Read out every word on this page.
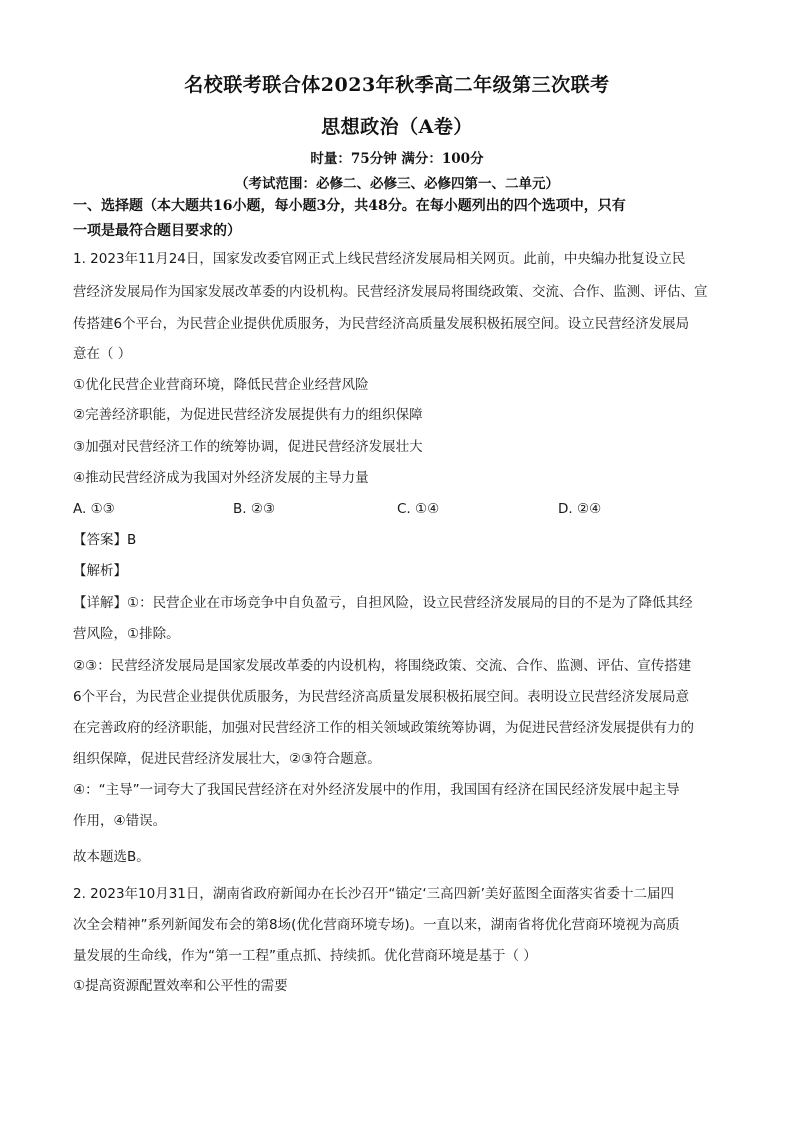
名校联考联合体2023年秋季高二年级第三次联考
思想政治（A卷）
时量：75分钟 满分：100分
（考试范围：必修二、必修三、必修四第一、二单元）
一、选择题（本大题共16小题，每小题3分，共48分。在每小题列出的四个选项中，只有
一项是最符合题目要求的）
1. 2023年11月24日，国家发改委官网正式上线民营经济发展局相关网页。此前，中央编办批复设立民
营经济发展局作为国家发展改革委的内设机构。民营经济发展局将围绕政策、交流、合作、监测、评估、宣
传搭建6个平台，为民营企业提供优质服务，为民营经济高质量发展积极拓展空间。设立民营经济发展局
意在（ ）
①优化民营企业营商环境，降低民营企业经营风险
②完善经济职能，为促进民营经济发展提供有力的组织保障
③加强对民营经济工作的统筹协调，促进民营经济发展壮大
④推动民营经济成为我国对外经济发展的主导力量
A. ①③	B. ②③	C. ①④	D. ②④
【答案】B
【解析】
【详解】①：民营企业在市场竞争中自负盈亏，自担风险，设立民营经济发展局的目的不是为了降低其经
营风险，①排除。
②③：民营经济发展局是国家发展改革委的内设机构，将围绕政策、交流、合作、监测、评估、宣传搭建
6个平台，为民营企业提供优质服务，为民营经济高质量发展积极拓展空间。表明设立民营经济发展局意
在完善政府的经济职能，加强对民营经济工作的相关领域政策统筹协调，为促进民营经济发展提供有力的
组织保障，促进民营经济发展壮大，②③符合题意。
④：“主导”一词夸大了我国民营经济在对外经济发展中的作用，我国国有经济在国民经济发展中起主导
作用，④错误。
故本题选B。
2. 2023年10月31日，湖南省政府新闻办在长沙召开“锚定‘三高四新’美好蓝图全面落实省委十二届四
次全会精神”系列新闻发布会的第8场(优化营商环境专场)。一直以来，湖南省将优化营商环境视为高质
量发展的生命线，作为“第一工程”重点抓、持续抓。优化营商环境是基于（ ）
①提高资源配置效率和公平性的需要
